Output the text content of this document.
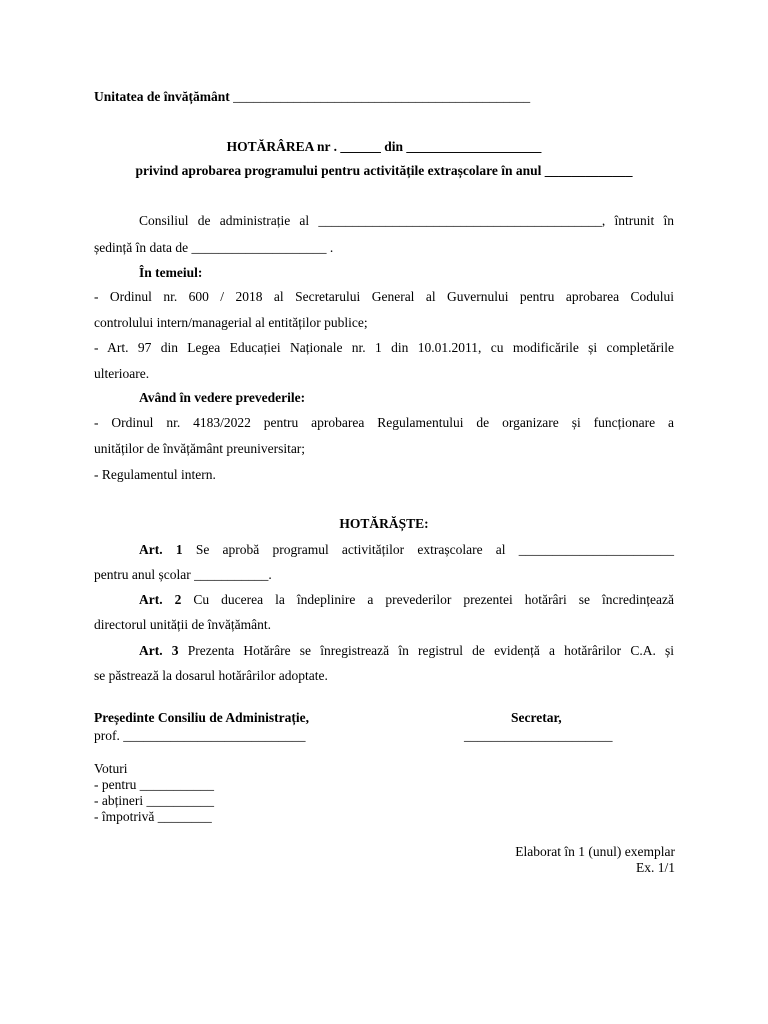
Unitatea de învățământ ____________________________________________
HOTĂRÂREA nr . ______ din ____________________
privind aprobarea programului pentru activitățile extrașcolare în anul _____________
Consiliul de administrație al __________________________________________, întrunit în
ședință în data de ____________________ .
În temeiul:
- Ordinul nr. 600 / 2018 al Secretarului General al Guvernului pentru aprobarea Codului
controlului intern/managerial al entităților publice;
- Art. 97 din Legea Educației Naționale nr. 1 din 10.01.2011, cu modificările și completările
ulterioare.
Având în vedere prevederile:
- Ordinul nr. 4183/2022 pentru aprobarea Regulamentului de organizare și funcționare a
unităților de învățământ preuniversitar;
- Regulamentul intern.
HOTĂRĂȘTE:
Art. 1 Se aprobă programul activităților extrașcolare al _______________________
pentru anul școlar ___________.
Art. 2 Cu ducerea la îndeplinire a prevederilor prezentei hotărâri se încredințează
directorul unității de învățământ.
Art. 3 Prezenta Hotărâre se înregistrează în registrul de evidență a hotărârilor C.A. și
se păstrează la dosarul hotărârilor adoptate.
Președinte Consiliu de Administrație,	Secretar,
prof. ___________________________	______________________
Voturi
- pentru ___________
- abțineri __________
- împotrivă ________
Elaborat în 1 (unul) exemplar
Ex. 1/1
